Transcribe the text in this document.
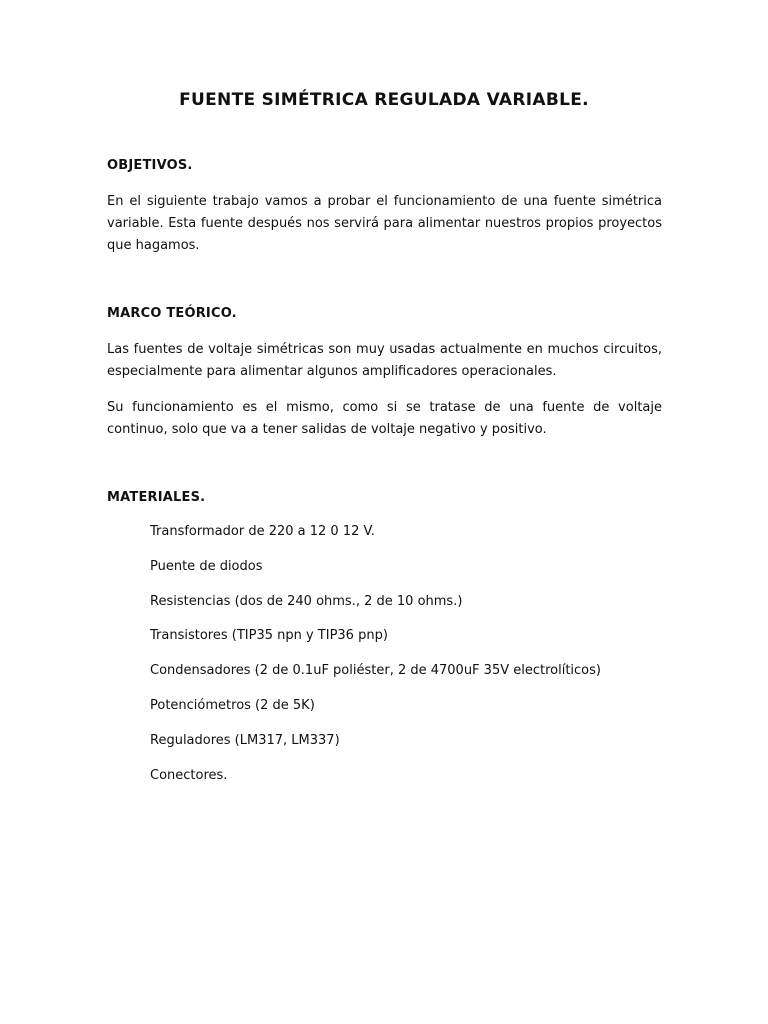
FUENTE SIMÉTRICA REGULADA VARIABLE.
OBJETIVOS.

En el siguiente trabajo vamos a probar el funcionamiento de una fuente simétrica variable. Esta fuente después nos servirá para alimentar nuestros propios proyectos que hagamos.

MARCO TEÓRICO.

Las fuentes de voltaje simétricas son muy usadas actualmente en muchos circuitos, especialmente para alimentar algunos amplificadores operacionales.

Su funcionamiento es el mismo, como si se tratase de una fuente de voltaje continuo, solo que va a tener salidas de voltaje negativo y positivo.

MATERIALES.
Transformador de 220 a 12 0 12 V.
Puente de diodos
Resistencias (dos de 240 ohms., 2 de 10 ohms.)
Transistores (TIP35 npn y TIP36 pnp)
Condensadores (2 de 0.1uF poliéster, 2 de 4700uF 35V electrolíticos)
Potenciómetros (2 de 5K)
Reguladores (LM317, LM337)
Conectores.
